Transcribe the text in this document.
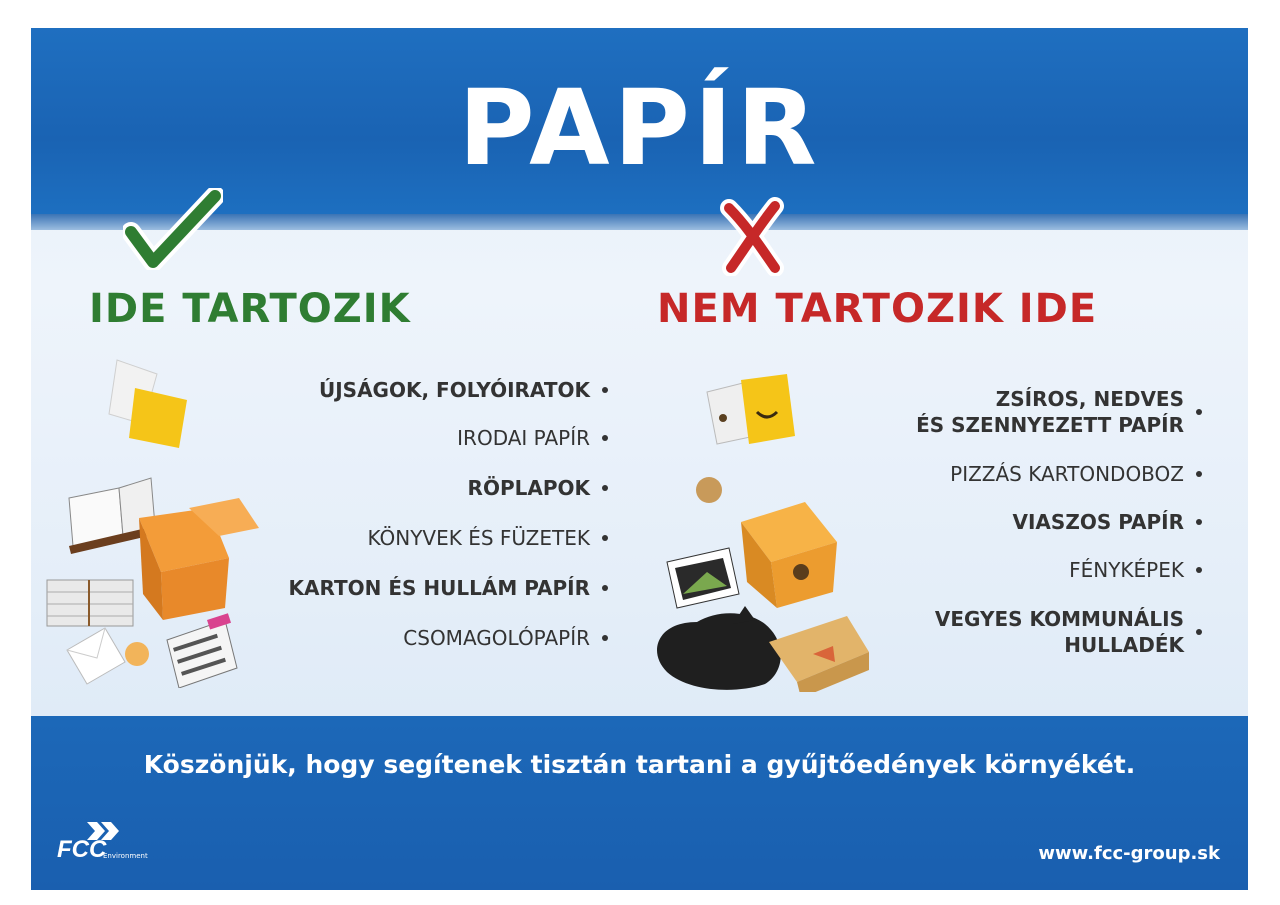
PAPÍR
IDE TARTOZIK	NEM TARTOZIK IDE
ÚJSÁGOK, FOLYÓIRATOK
IRODAI PAPÍR
RÖPLAPOK
KÖNYVEK ÉS FÜZETEK
KARTON ÉS HULLÁM PAPÍR
CSOMAGOLÓPAPÍR
ZSÍROS, NEDVES
ÉS SZENNYEZETT PAPÍR
PIZZÁS KARTONDOBOZ
VIASZOS PAPÍR
FÉNYKÉPEK
VEGYES KOMMUNÁLIS
HULLADÉK
Köszönjük, hogy segítenek tisztán tartani a gyűjtőedények környékét.
FCC
Environment	www.fcc-group.sk
